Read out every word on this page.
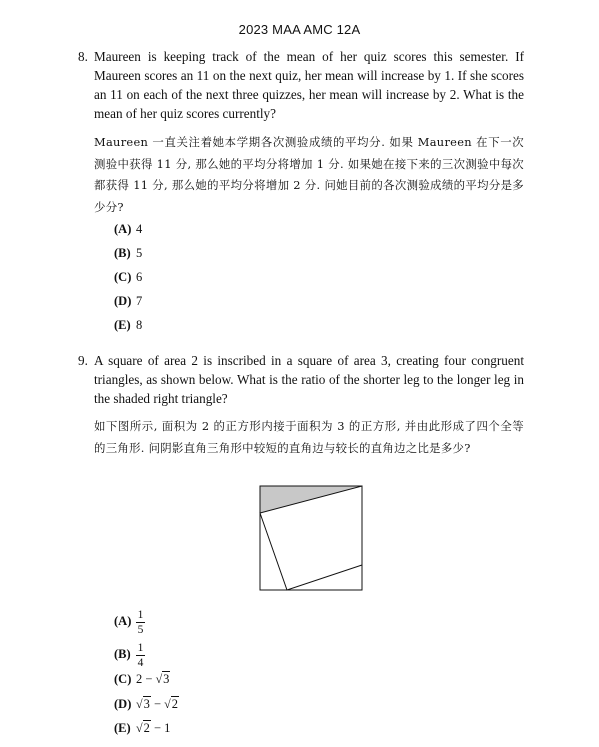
2023 MAA AMC 12A
8. Maureen is keeping track of the mean of her quiz scores this semester. If Maureen scores an 11 on the next quiz, her mean will increase by 1. If she scores an 11 on each of the next three quizzes, her mean will increase by 2. What is the mean of her quiz scores currently?

Maureen 一直关注着她本学期各次测验成绩的平均分. 如果 Maureen 在下一次测验中获得 11 分, 那么她的平均分将增加 1 分. 如果她在接下来的三次测验中每次都获得 11 分, 那么她的平均分将增加 2 分. 问她目前的各次测验成绩的平均分是多少分?

(A) 4
(B) 5
(C) 6
(D) 7
(E) 8
9. A square of area 2 is inscribed in a square of area 3, creating four congruent triangles, as shown below. What is the ratio of the shorter leg to the longer leg in the shaded right triangle?

如下图所示, 面积为 2 的正方形内接于面积为 3 的正方形, 并由此形成了四个全等的三角形. 问阴影直角三角形中较短的直角边与较长的直角边之比是多少?

$(A) \frac{1}{5}$
$(B) \frac{1}{4}$
(C) 2 − √3
(D) √3 − √2
(E) √2 − 1
